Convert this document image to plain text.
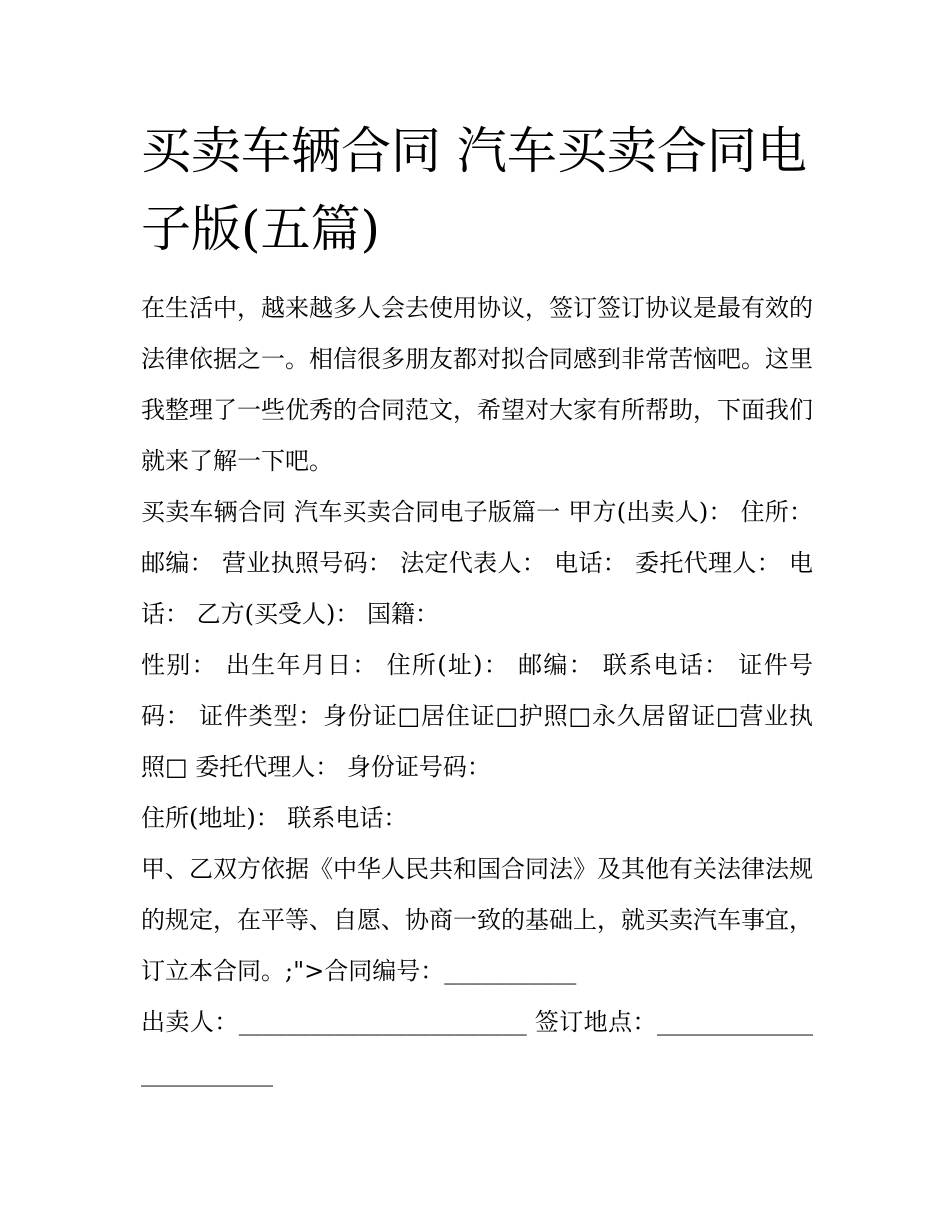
买卖车辆合同 汽车买卖合同电子版(五篇)

在生活中，越来越多人会去使用协议，签订签订协议是最有效的法律依据之一。相信很多朋友都对拟合同感到非常苦恼吧。这里我整理了一些优秀的合同范文，希望对大家有所帮助，下面我们就来了解一下吧。

买卖车辆合同 汽车买卖合同电子版篇一 甲方(出卖人)： 住所： 邮编： 营业执照号码： 法定代表人： 电话： 委托代理人： 电话： 乙方(买受人)： 国籍：

性别： 出生年月日： 住所(址)： 邮编： 联系电话： 证件号码： 证件类型：身份证□居住证□护照□永久居留证□营业执照□ 委托代理人： 身份证号码：

住所(地址)： 联系电话：

甲、乙双方依据《中华人民共和国合同法》及其他有关法律法规的规定，在平等、自愿、协商一致的基础上，就买卖汽车事宜，订立本合同。;">合同编号：___________

出卖人：________________________ 签订地点：________________________
